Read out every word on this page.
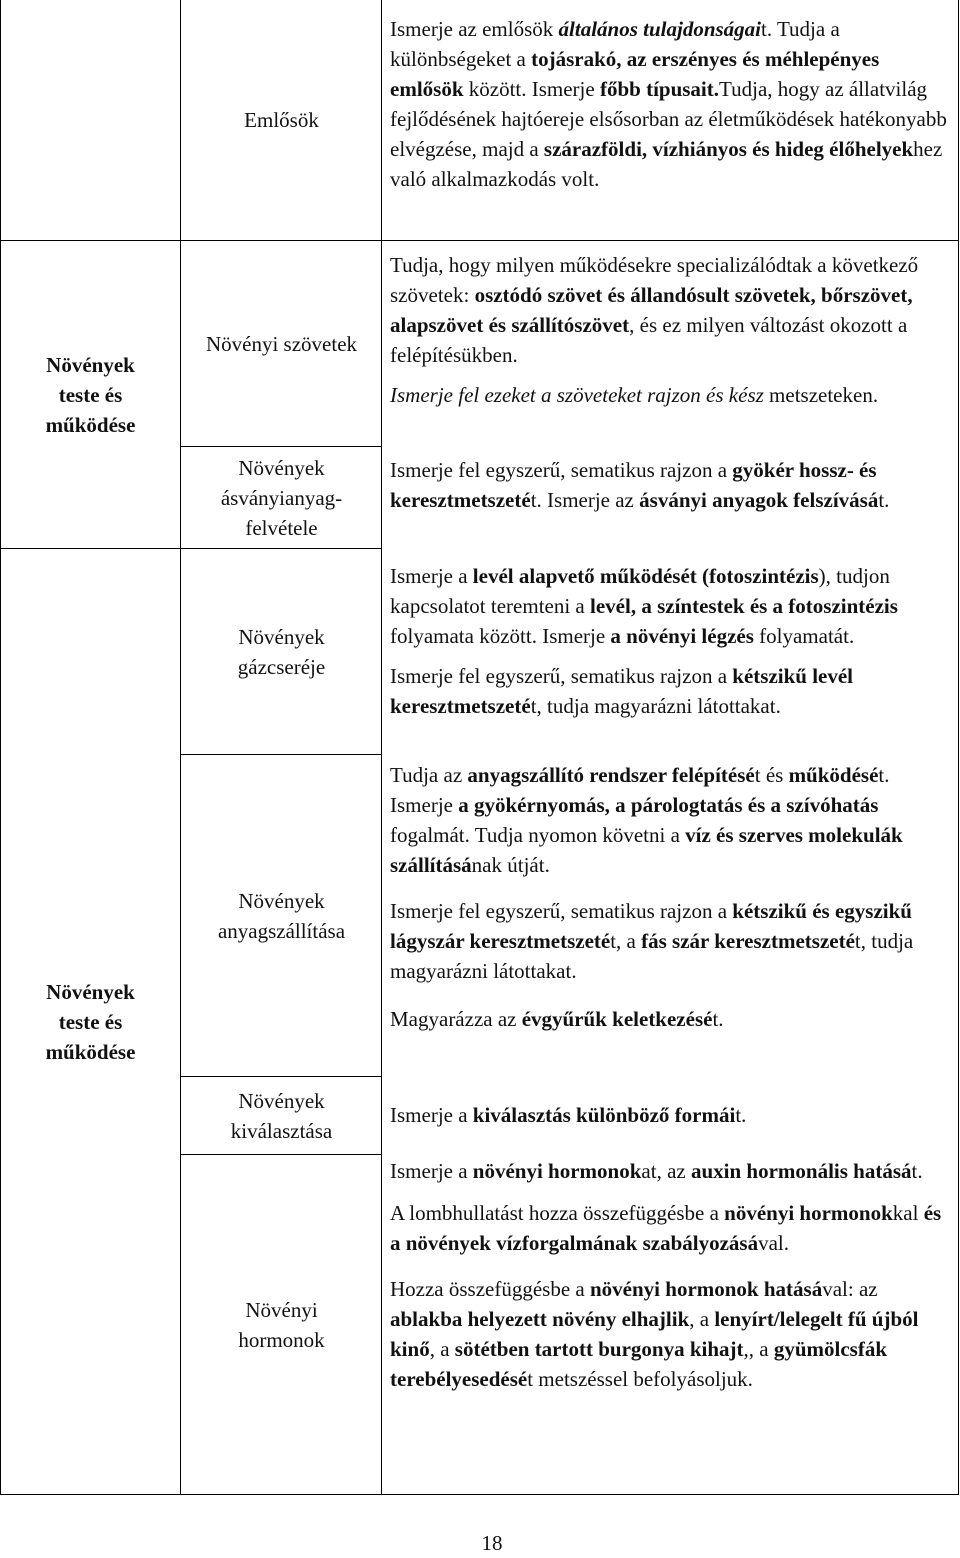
Növények
teste és
működése
Növények
teste és
működése
Emlősök
Növényi szövetek
Növények
ásványianyag-
felvétele
Növények
gázcseréje
Növények
anyagszállítása
Növények
kiválasztása
Növényi
hormonok

Ismerje az emlősök általános tulajdonságait. Tudja a különbségeket a tojásrakó, az erszényes és méhlepényes emlősök között. Ismerje főbb típusait.Tudja, hogy az állatvilág fejlődésének hajtóereje elsősorban az életműködések hatékonyabb elvégzése, majd a szárazföldi, vízhiányos és hideg élőhelyekhez való alkalmazkodás volt.

Tudja, hogy milyen működésekre specializálódtak a következő szövetek: osztódó szövet és állandósult szövetek, bőrszövet, alapszövet és szállítószövet, és ez milyen változást okozott a felépítésükben.

Ismerje fel ezeket a szöveteket rajzon és kész metszeteken.

Ismerje fel egyszerű, sematikus rajzon a gyökér hossz- és keresztmetszetét. Ismerje az ásványi anyagok felszívását.

Ismerje a levél alapvető működését (fotoszintézis), tudjon kapcsolatot teremteni a levél, a színtestek és a fotoszintézis folyamata között. Ismerje a növényi légzés folyamatát.

Ismerje fel egyszerű, sematikus rajzon a kétszikű levél keresztmetszetét, tudja magyarázni látottakat.

Tudja az anyagszállító rendszer felépítését és működését. Ismerje a gyökérnyomás, a párologtatás és a szívóhatás fogalmát. Tudja nyomon követni a víz és szerves molekulák szállításának útját.

Ismerje fel egyszerű, sematikus rajzon a kétszikű és egyszikű lágyszár keresztmetszetét, a fás szár keresztmetszetét, tudja magyarázni látottakat.

Magyarázza az évgyűrűk keletkezését.

Ismerje a kiválasztás különböző formáit.

Ismerje a növényi hormonokat, az auxin hormonális hatását.

A lombhullatást hozza összefüggésbe a növényi hormonokkal és a növények vízforgalmának szabályozásával.

Hozza összefüggésbe a növényi hormonok hatásával: az ablakba helyezett növény elhajlik, a lenyírt/lelegelt fű újból kinő, a sötétben tartott burgonya kihajt,, a gyümölcsfák terebélyesedését metszéssel befolyásoljuk.

18
